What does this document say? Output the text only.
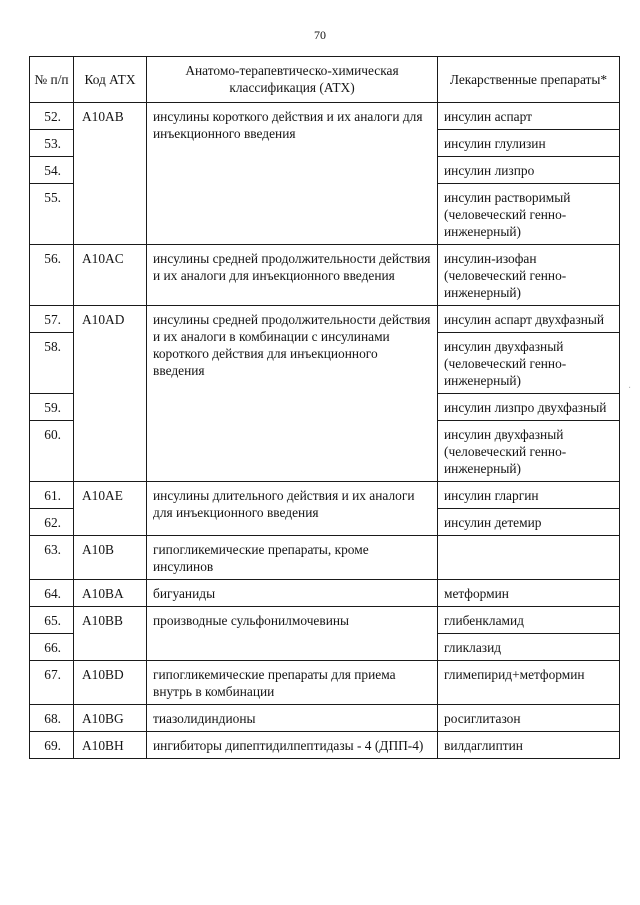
70
№ п/п	Код АТХ	Анатомо-терапевтическо-химическая классификация (АТХ)	Лекарственные препараты*
52.	A10AB	инсулины короткого действия и их аналоги для инъекционного введения	инсулин аспарт
53.			инсулин глулизин
54.			инсулин лизпро
55.			инсулин растворимый (человеческий генно-инженерный)
56.	A10AC	инсулины средней продолжительности действия и их аналоги для инъекционного введения	инсулин-изофан (человеческий генно-инженерный)
57.	A10AD	инсулины средней продолжительности действия и их аналоги в комбинации с инсулинами короткого действия для инъекционного введения	инсулин аспарт двухфазный
58.			инсулин двухфазный (человеческий генно-инженерный)
59.			инсулин лизпро двухфазный
60.			инсулин двухфазный (человеческий генно-инженерный)
61.	A10AE	инсулины длительного действия и их аналоги для инъекционного введения	инсулин гларгин
62.			инсулин детемир
63.	A10B	гипогликемические препараты, кроме инсулинов	
64.	A10BA	бигуаниды	метформин
65.	A10BB	производные сульфонилмочевины	глибенкламид
66.			гликлазид
67.	A10BD	гипогликемические препараты для приема внутрь в комбинации	глимепирид+метформин
68.	A10BG	тиазолидиндионы	росиглитазон
69.	A10BH	ингибиторы дипептидилпептидазы - 4 (ДПП-4)	вилдаглиптин
·
